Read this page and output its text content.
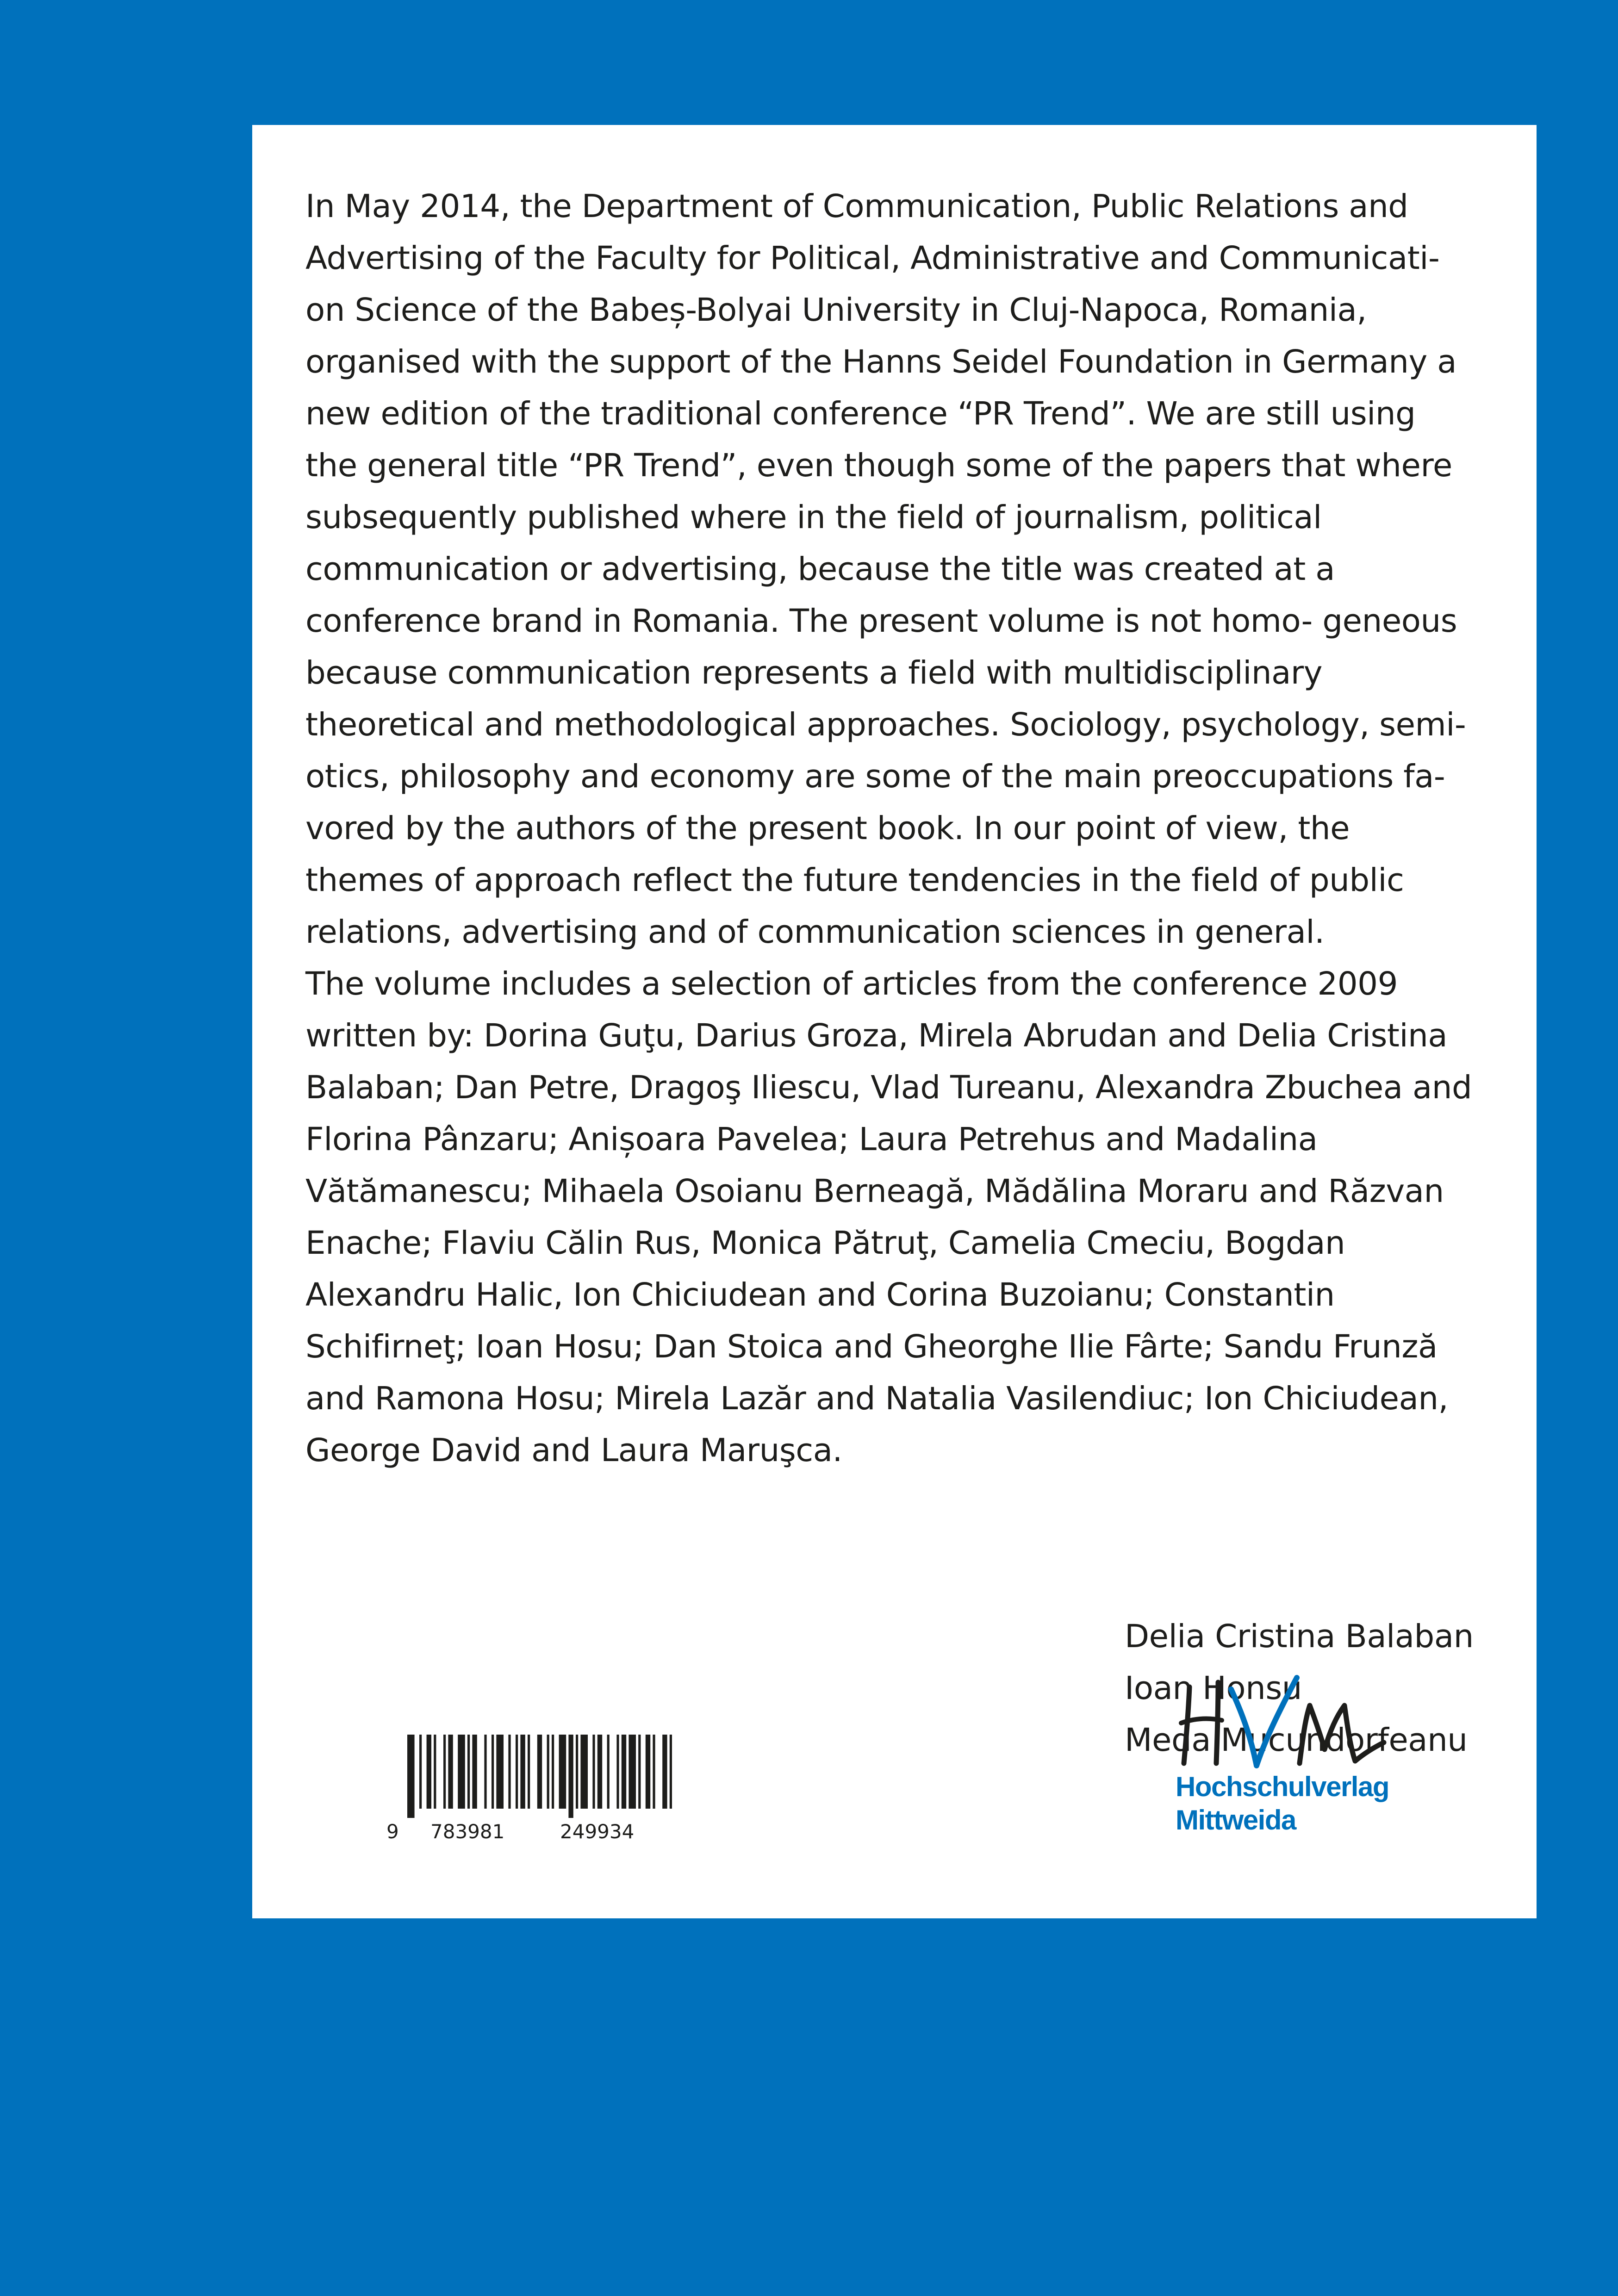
In May 2014, the Department of Communication, Public Relations and
Advertising of the Faculty for Political, Administrative and Communicati-
on Science of the Babeș-Bolyai University in Cluj-Napoca, Romania,
organised with the support of the Hanns Seidel Foundation in Germany a
new edition of the traditional conference “PR Trend”. We are still using
the general title “PR Trend”, even though some of the papers that where
subsequently published where in the field of journalism, political
communication or advertising, because the title was created at a
conference brand in Romania. The present volume is not homo- geneous
because communication represents a field with multidisciplinary
theoretical and methodological approaches. Sociology, psychology, semi-
otics, philosophy and economy are some of the main preoccupations fa-
vored by the authors of the present book. In our point of view, the
themes of approach reflect the future tendencies in the field of public
relations, advertising and of communication sciences in general.
The volume includes a selection of articles from the conference 2009
written by: Dorina Guţu, Darius Groza, Mirela Abrudan and Delia Cristina
Balaban; Dan Petre, Dragoş Iliescu, Vlad Tureanu, Alexandra Zbuchea and
Florina Pânzaru; Anișoara Pavelea; Laura Petrehus and Madalina
Vătămanescu; Mihaela Osoianu Berneagă, Mădălina Moraru and Răzvan
Enache; Flaviu Călin Rus, Monica Pătruţ, Camelia Cmeciu, Bogdan
Alexandru Halic, Ion Chiciudean and Corina Buzoianu; Constantin
Schifirneţ; Ioan Hosu; Dan Stoica and Gheorghe Ilie Fârte; Sandu Frunză
and Ramona Hosu; Mirela Lazăr and Natalia Vasilendiuc; Ion Chiciudean,
George David and Laura Maruşca.

Delia Cristina Balaban
Ioan Honsu
Meda Mucundorfeanu
9 783981	249934
Hochschulverlag
Mittweida
